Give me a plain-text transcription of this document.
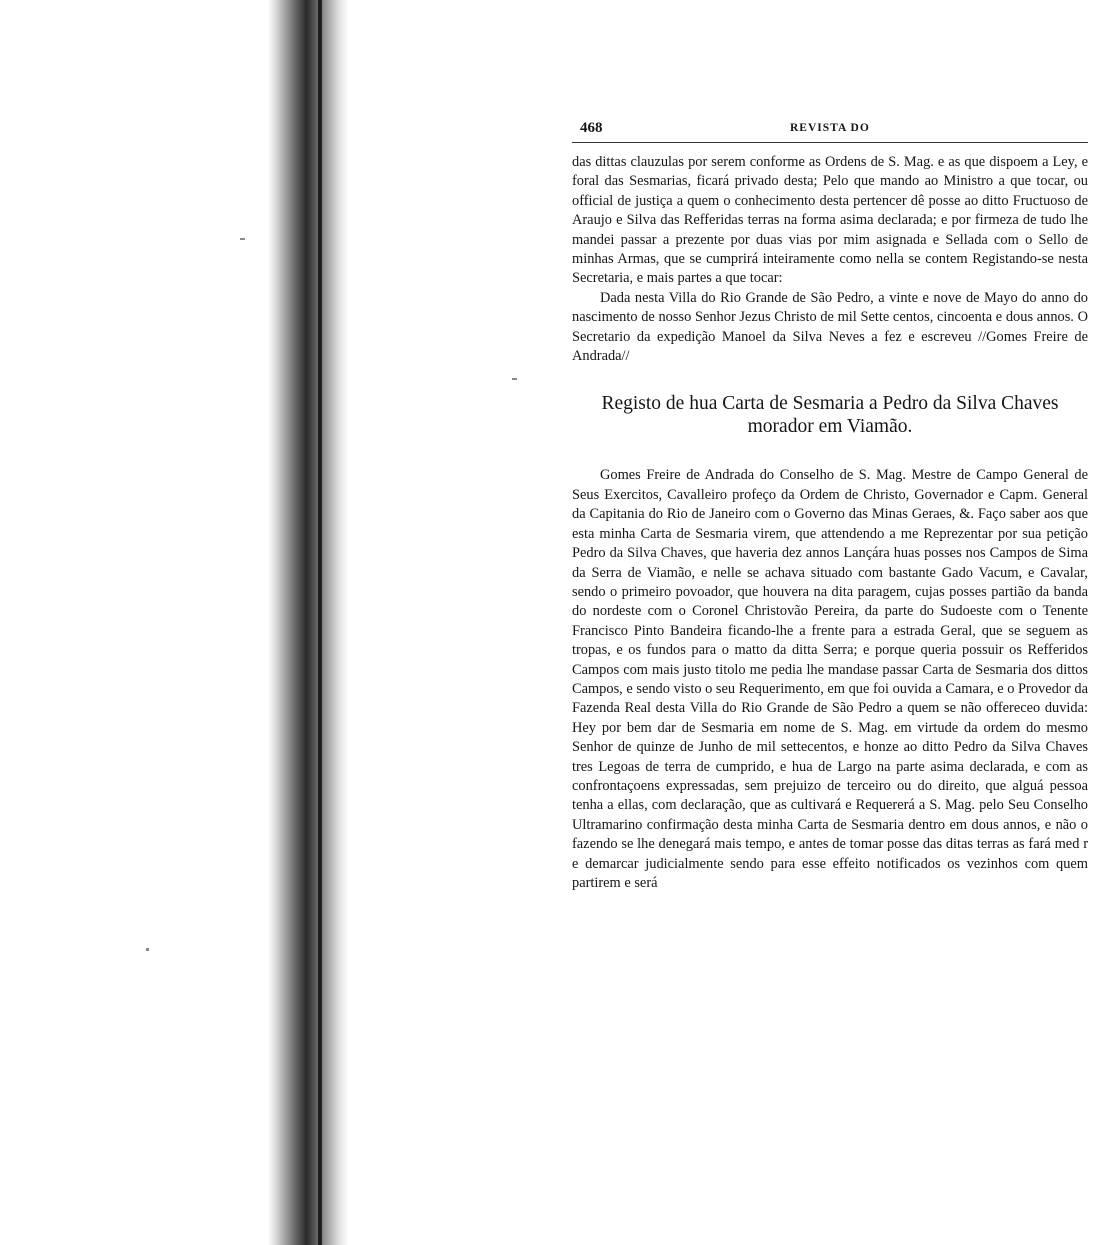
468	REVISTA DO

das dittas clauzulas por serem conforme as Ordens de S. Mag. e as que dispoem a Ley, e foral das Sesmarias, ficará privado desta; Pelo que mando ao Ministro a que tocar, ou official de justiça a quem o conhecimento desta pertencer dê posse ao ditto Fructuoso de Araujo e Silva das Refferidas terras na forma asima declarada; e por firmeza de tudo lhe mandei passar a prezente por duas vias por mim asignada e Sellada com o Sello de minhas Armas, que se cumprirá inteiramente como nella se contem Registando-se nesta Secretaria, e mais partes a que tocar:

Dada nesta Villa do Rio Grande de São Pedro, a vinte e nove de Mayo do anno do nascimento de nosso Senhor Jezus Christo de mil Sette centos, cincoenta e dous annos. O Secretario da expedição Manoel da Silva Neves a fez e escreveu //Gomes Freire de Andrada//

Registo de hua Carta de Sesmaria a Pedro da Silva Chaves morador em Viamão.

Gomes Freire de Andrada do Conselho de S. Mag. Mestre de Campo General de Seus Exercitos, Cavalleiro profeço da Ordem de Christo, Governador e Capm. General da Capitania do Rio de Janeiro com o Governo das Minas Geraes, &. Faço saber aos que esta minha Carta de Sesmaria virem, que attendendo a me Reprezentar por sua petição Pedro da Silva Chaves, que haveria dez annos Lançára huas posses nos Campos de Sima da Serra de Viamão, e nelle se achava situado com bastante Gado Vacum, e Cavalar, sendo o primeiro povoador, que houvera na dita paragem, cujas posses partião da banda do nordeste com o Coronel Christovão Pereira, da parte do Sudoeste com o Tenente Francisco Pinto Bandeira ficando-lhe a frente para a estrada Geral, que se seguem as tropas, e os fundos para o matto da ditta Serra; e porque queria possuir os Refferidos Campos com mais justo titolo me pedia lhe mandase passar Carta de Sesmaria dos dittos Campos, e sendo visto o seu Requerimento, em que foi ouvida a Camara, e o Provedor da Fazenda Real desta Villa do Rio Grande de São Pedro a quem se não offereceo duvida: Hey por bem dar de Sesmaria em nome de S. Mag. em virtude da ordem do mesmo Senhor de quinze de Junho de mil settecentos, e honze ao ditto Pedro da Silva Chaves tres Legoas de terra de cumprido, e hua de Largo na parte asima declarada, e com as confrontaçoens expressadas, sem prejuizo de terceiro ou do direito, que alguá pessoa tenha a ellas, com declaração, que as cultivará e Requererá a S. Mag. pelo Seu Conselho Ultramarino confirmação desta minha Carta de Sesmaria dentro em dous annos, e não o fazendo se lhe denegará mais tempo, e antes de tomar posse das ditas terras as fará med r e demarcar judicialmente sendo para esse effeito notificados os vezinhos com quem partirem e será
